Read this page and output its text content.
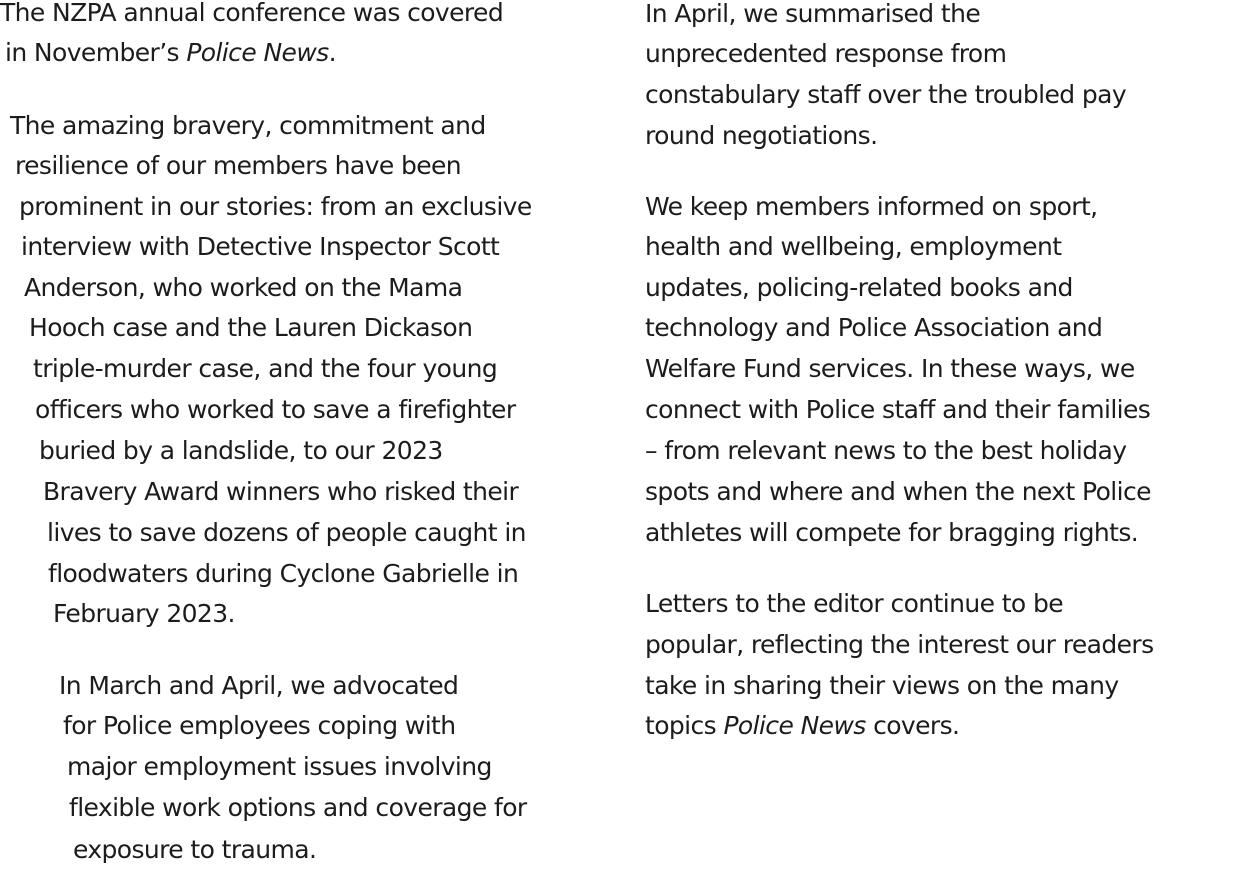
The NZPA annual conference was covered
in November’s Police News.
The amazing bravery, commitment and
resilience of our members have been
prominent in our stories: from an exclusive
interview with Detective Inspector Scott
Anderson, who worked on the Mama
Hooch case and the Lauren Dickason
triple-murder case, and the four young
officers who worked to save a firefighter
buried by a landslide, to our 2023
Bravery Award winners who risked their
lives to save dozens of people caught in
floodwaters during Cyclone Gabrielle in
February 2023.
In March and April, we advocated
for Police employees coping with
major employment issues involving
flexible work options and coverage for
exposure to trauma.
In April, we summarised the
unprecedented response from
constabulary staff over the troubled pay
round negotiations.
We keep members informed on sport,
health and wellbeing, employment
updates, policing-related books and
technology and Police Association and
Welfare Fund services. In these ways, we
connect with Police staff and their families
– from relevant news to the best holiday
spots and where and when the next Police
athletes will compete for bragging rights.
Letters to the editor continue to be
popular, reflecting the interest our readers
take in sharing their views on the many
topics Police News covers.
